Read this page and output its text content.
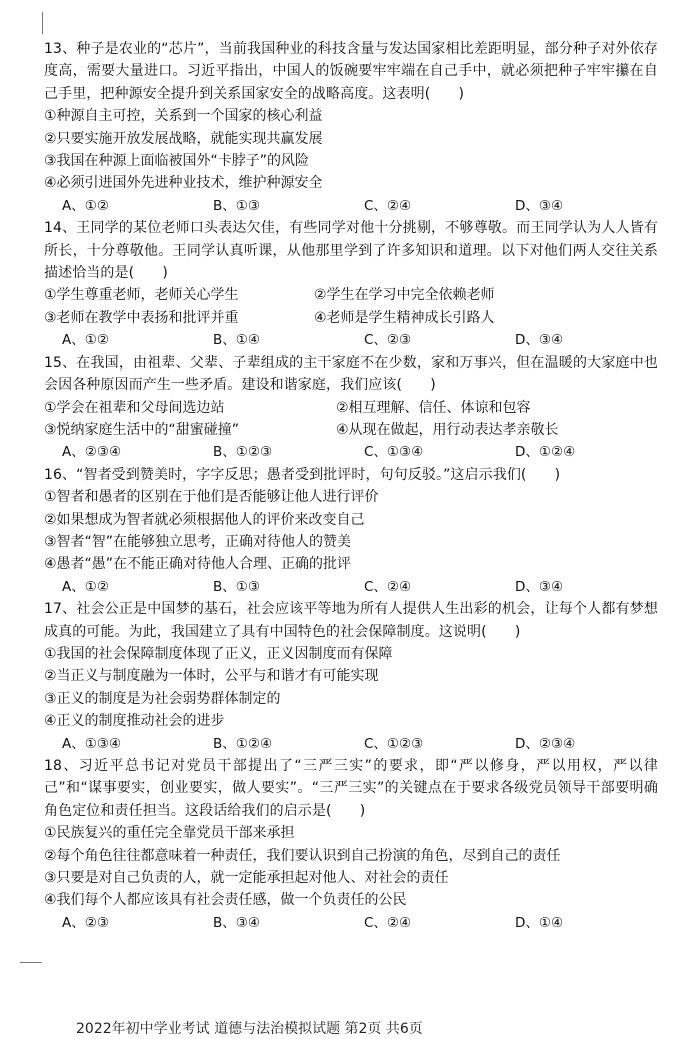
13、种子是农业的“芯片”，当前我国种业的科技含量与发达国家相比差距明显，部分种子对外依存度高，需要大量进口。习近平指出，中国人的饭碗要牢牢端在自己手中，就必须把种子牢牢攥在自己手里，把种源安全提升到关系国家安全的战略高度。这表明(　　)

①种源自主可控，关系到一个国家的核心利益

②只要实施开放发展战略，就能实现共赢发展

③我国在种源上面临被国外“卡脖子”的风险

④必须引进国外先进种业技术，维护种源安全

A、①②	B、①③	C、②④	D、③④

14、王同学的某位老师口头表达欠佳，有些同学对他十分挑剔，不够尊敬。而王同学认为人人皆有所长，十分尊敬他。王同学认真听课，从他那里学到了许多知识和道理。以下对他们两人交往关系描述恰当的是(　　)

①学生尊重老师，老师关心学生	②学生在学习中完全依赖老师
③老师在教学中表扬和批评并重	④老师是学生精神成长引路人
A、①②	B、①④	C、②③	D、③④

15、在我国，由祖辈、父辈、子辈组成的主干家庭不在少数，家和万事兴，但在温暖的大家庭中也会因各种原因而产生一些矛盾。建设和谐家庭，我们应该(　　)

①学会在祖辈和父母间选边站	②相互理解、信任、体谅和包容
③悦纳家庭生活中的“甜蜜碰撞”	④从现在做起，用行动表达孝亲敬长
A、②③④	B、①②③	C、①③④	D、①②④

16、“智者受到赞美时，字字反思；愚者受到批评时，句句反驳。”这启示我们(　　)

①智者和愚者的区别在于他们是否能够让他人进行评价

②如果想成为智者就必须根据他人的评价来改变自己

③智者“智”在能够独立思考，正确对待他人的赞美

④愚者“愚”在不能正确对待他人合理、正确的批评

A、①②	B、①③	C、②④	D、③④

17、社会公正是中国梦的基石，社会应该平等地为所有人提供人生出彩的机会，让每个人都有梦想成真的可能。为此，我国建立了具有中国特色的社会保障制度。这说明(　　)

①我国的社会保障制度体现了正义，正义因制度而有保障

②当正义与制度融为一体时，公平与和谐才有可能实现

③正义的制度是为社会弱势群体制定的

④正义的制度推动社会的进步

A、①③④	B、①②④	C、①②③	D、②③④

18、习近平总书记对党员干部提出了“三严三实”的要求，即“严以修身，严以用权，严以律己”和“谋事要实，创业要实，做人要实”。“三严三实”的关键点在于要求各级党员领导干部要明确角色定位和责任担当。这段话给我们的启示是(　　)

①民族复兴的重任完全靠党员干部来承担

②每个角色往往都意味着一种责任，我们要认识到自己扮演的角色，尽到自己的责任

③只要是对自己负责的人，就一定能承担起对他人、对社会的责任

④我们每个人都应该具有社会责任感，做一个负责任的公民

A、②③	B、③④	C、②④	D、①④
2022年初中学业考试 道德与法治模拟试题 第2页 共6页
